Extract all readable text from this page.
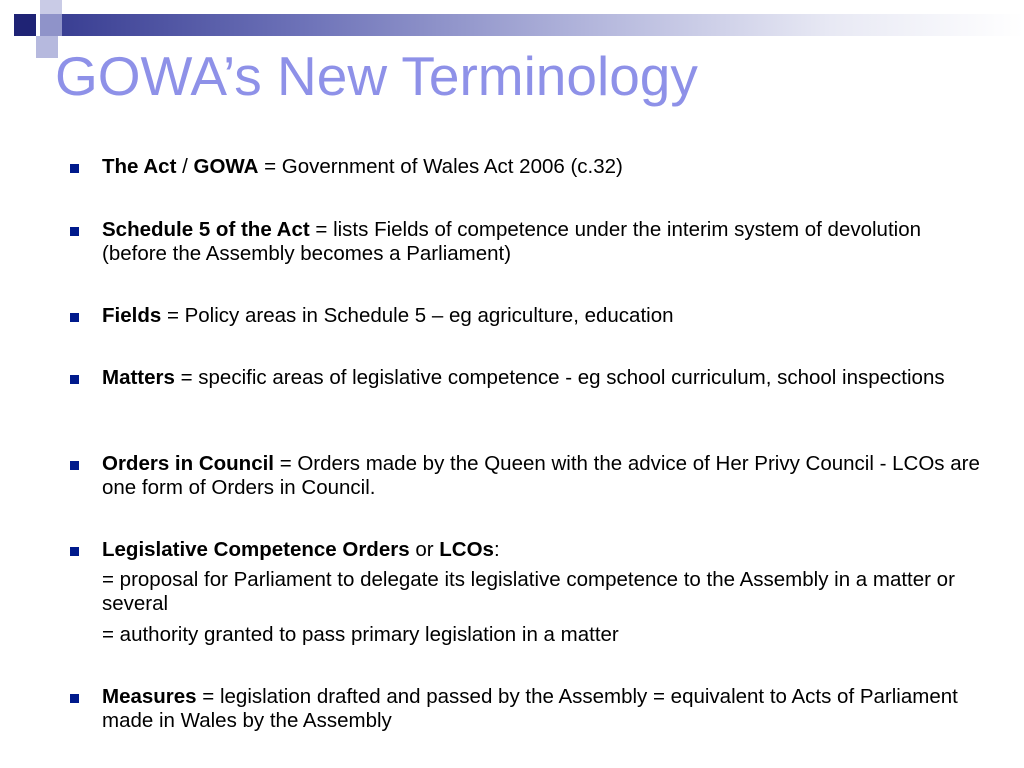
GOWA’s New Terminology
The Act / GOWA = Government of Wales Act 2006 (c.32)
Schedule 5 of the Act = lists Fields of competence under the interim system of devolution (before the Assembly becomes a Parliament)
Fields = Policy areas in Schedule 5 – eg agriculture, education
Matters = specific areas of legislative competence - eg school curriculum, school inspections
Orders in Council = Orders made by the Queen with the advice of Her Privy Council - LCOs are one form of Orders in Council.
Legislative Competence Orders or LCOs:
= proposal for Parliament to delegate its legislative competence to the Assembly in a matter or several
= authority granted to pass primary legislation in a matter
Measures = legislation drafted and passed by the Assembly = equivalent to Acts of Parliament made in Wales by the Assembly
